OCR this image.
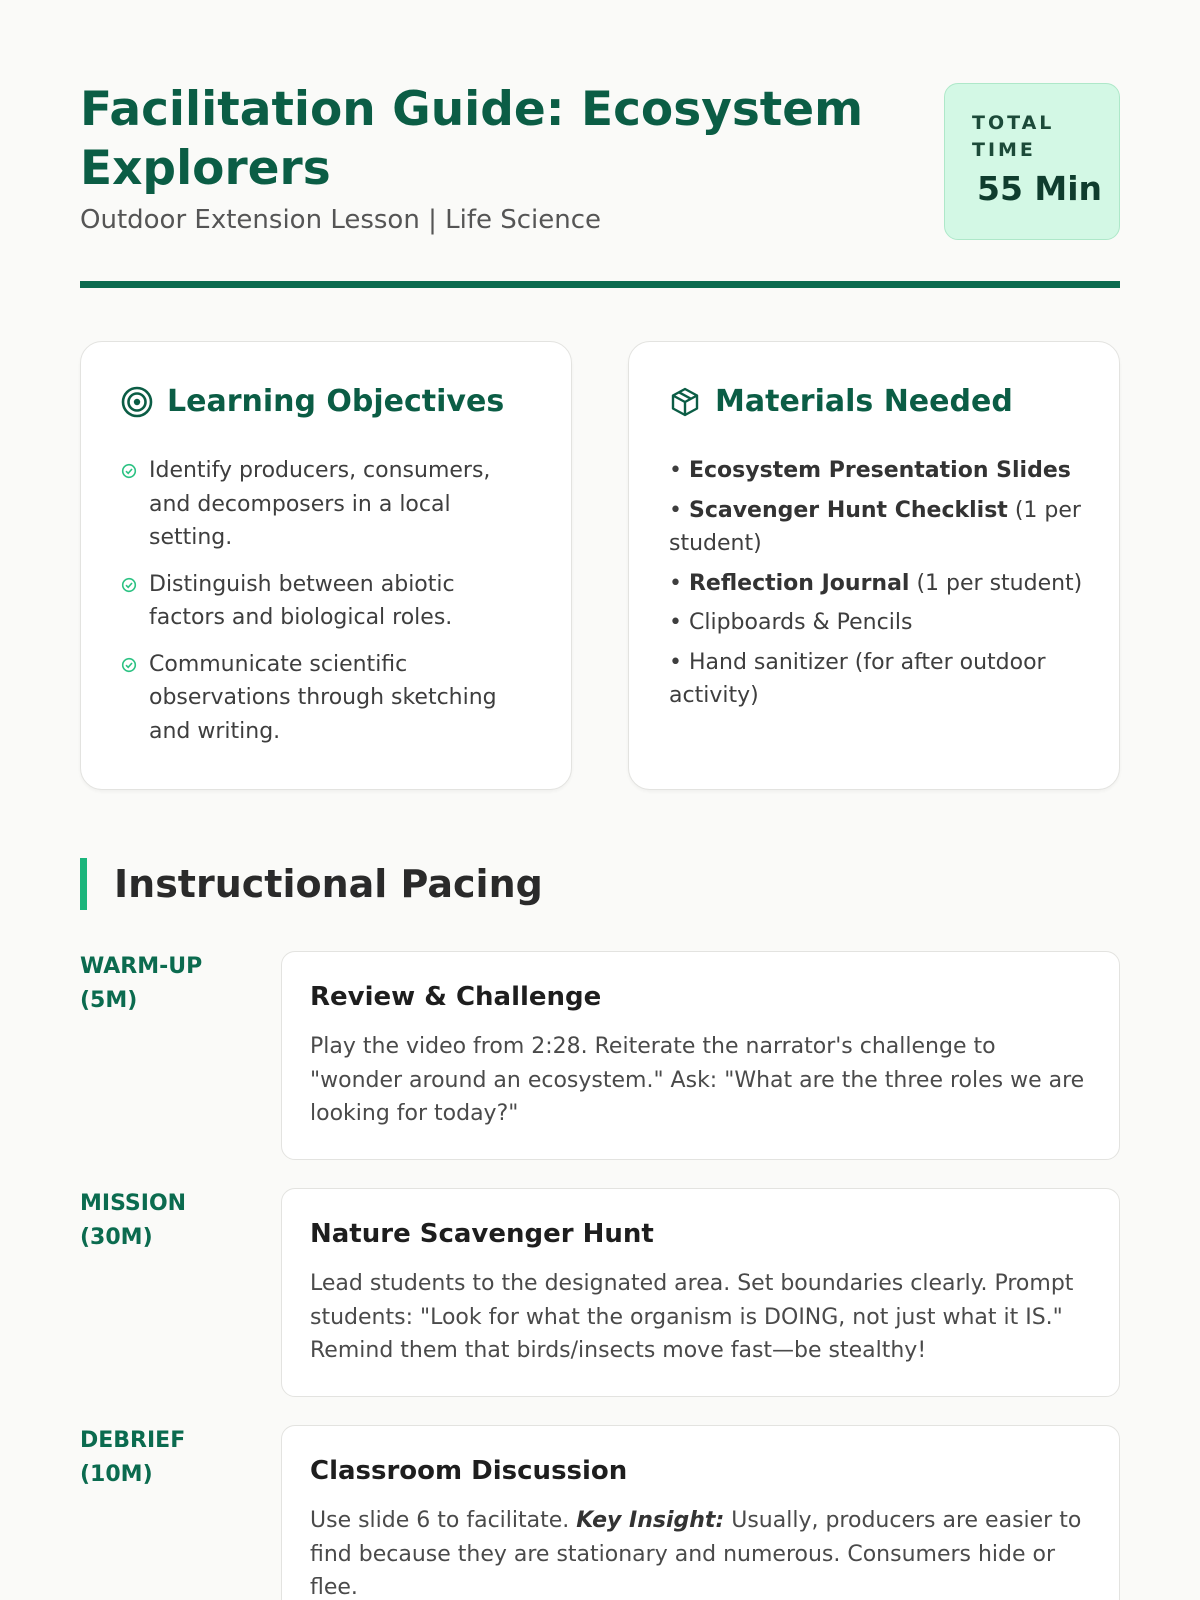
Facilitation Guide: Ecosystem Explorers
Outdoor Extension Lesson | Life Science
TOTAL TIME
55 Min
Learning Objectives
Identify producers, consumers, and decomposers in a local setting.
Distinguish between abiotic factors and biological roles.
Communicate scientific observations through sketching and writing.
Materials Needed
• Ecosystem Presentation Slides
• Scavenger Hunt Checklist (1 per student)
• Reflection Journal (1 per student)
• Clipboards & Pencils
• Hand sanitizer (for after outdoor activity)
Instructional Pacing
WARM-UP (5M)	Review & Challenge
Play the video from 2:28. Reiterate the narrator's challenge to "wonder around an ecosystem." Ask: "What are the three roles we are looking for today?"
MISSION (30M)	Nature Scavenger Hunt
Lead students to the designated area. Set boundaries clearly. Prompt students: "Look for what the organism is DOING, not just what it IS." Remind them that birds/insects move fast—be stealthy!
DEBRIEF (10M)	Classroom Discussion
Use slide 6 to facilitate. Key Insight: Usually, producers are easier to find because they are stationary and numerous. Consumers hide or flee.
